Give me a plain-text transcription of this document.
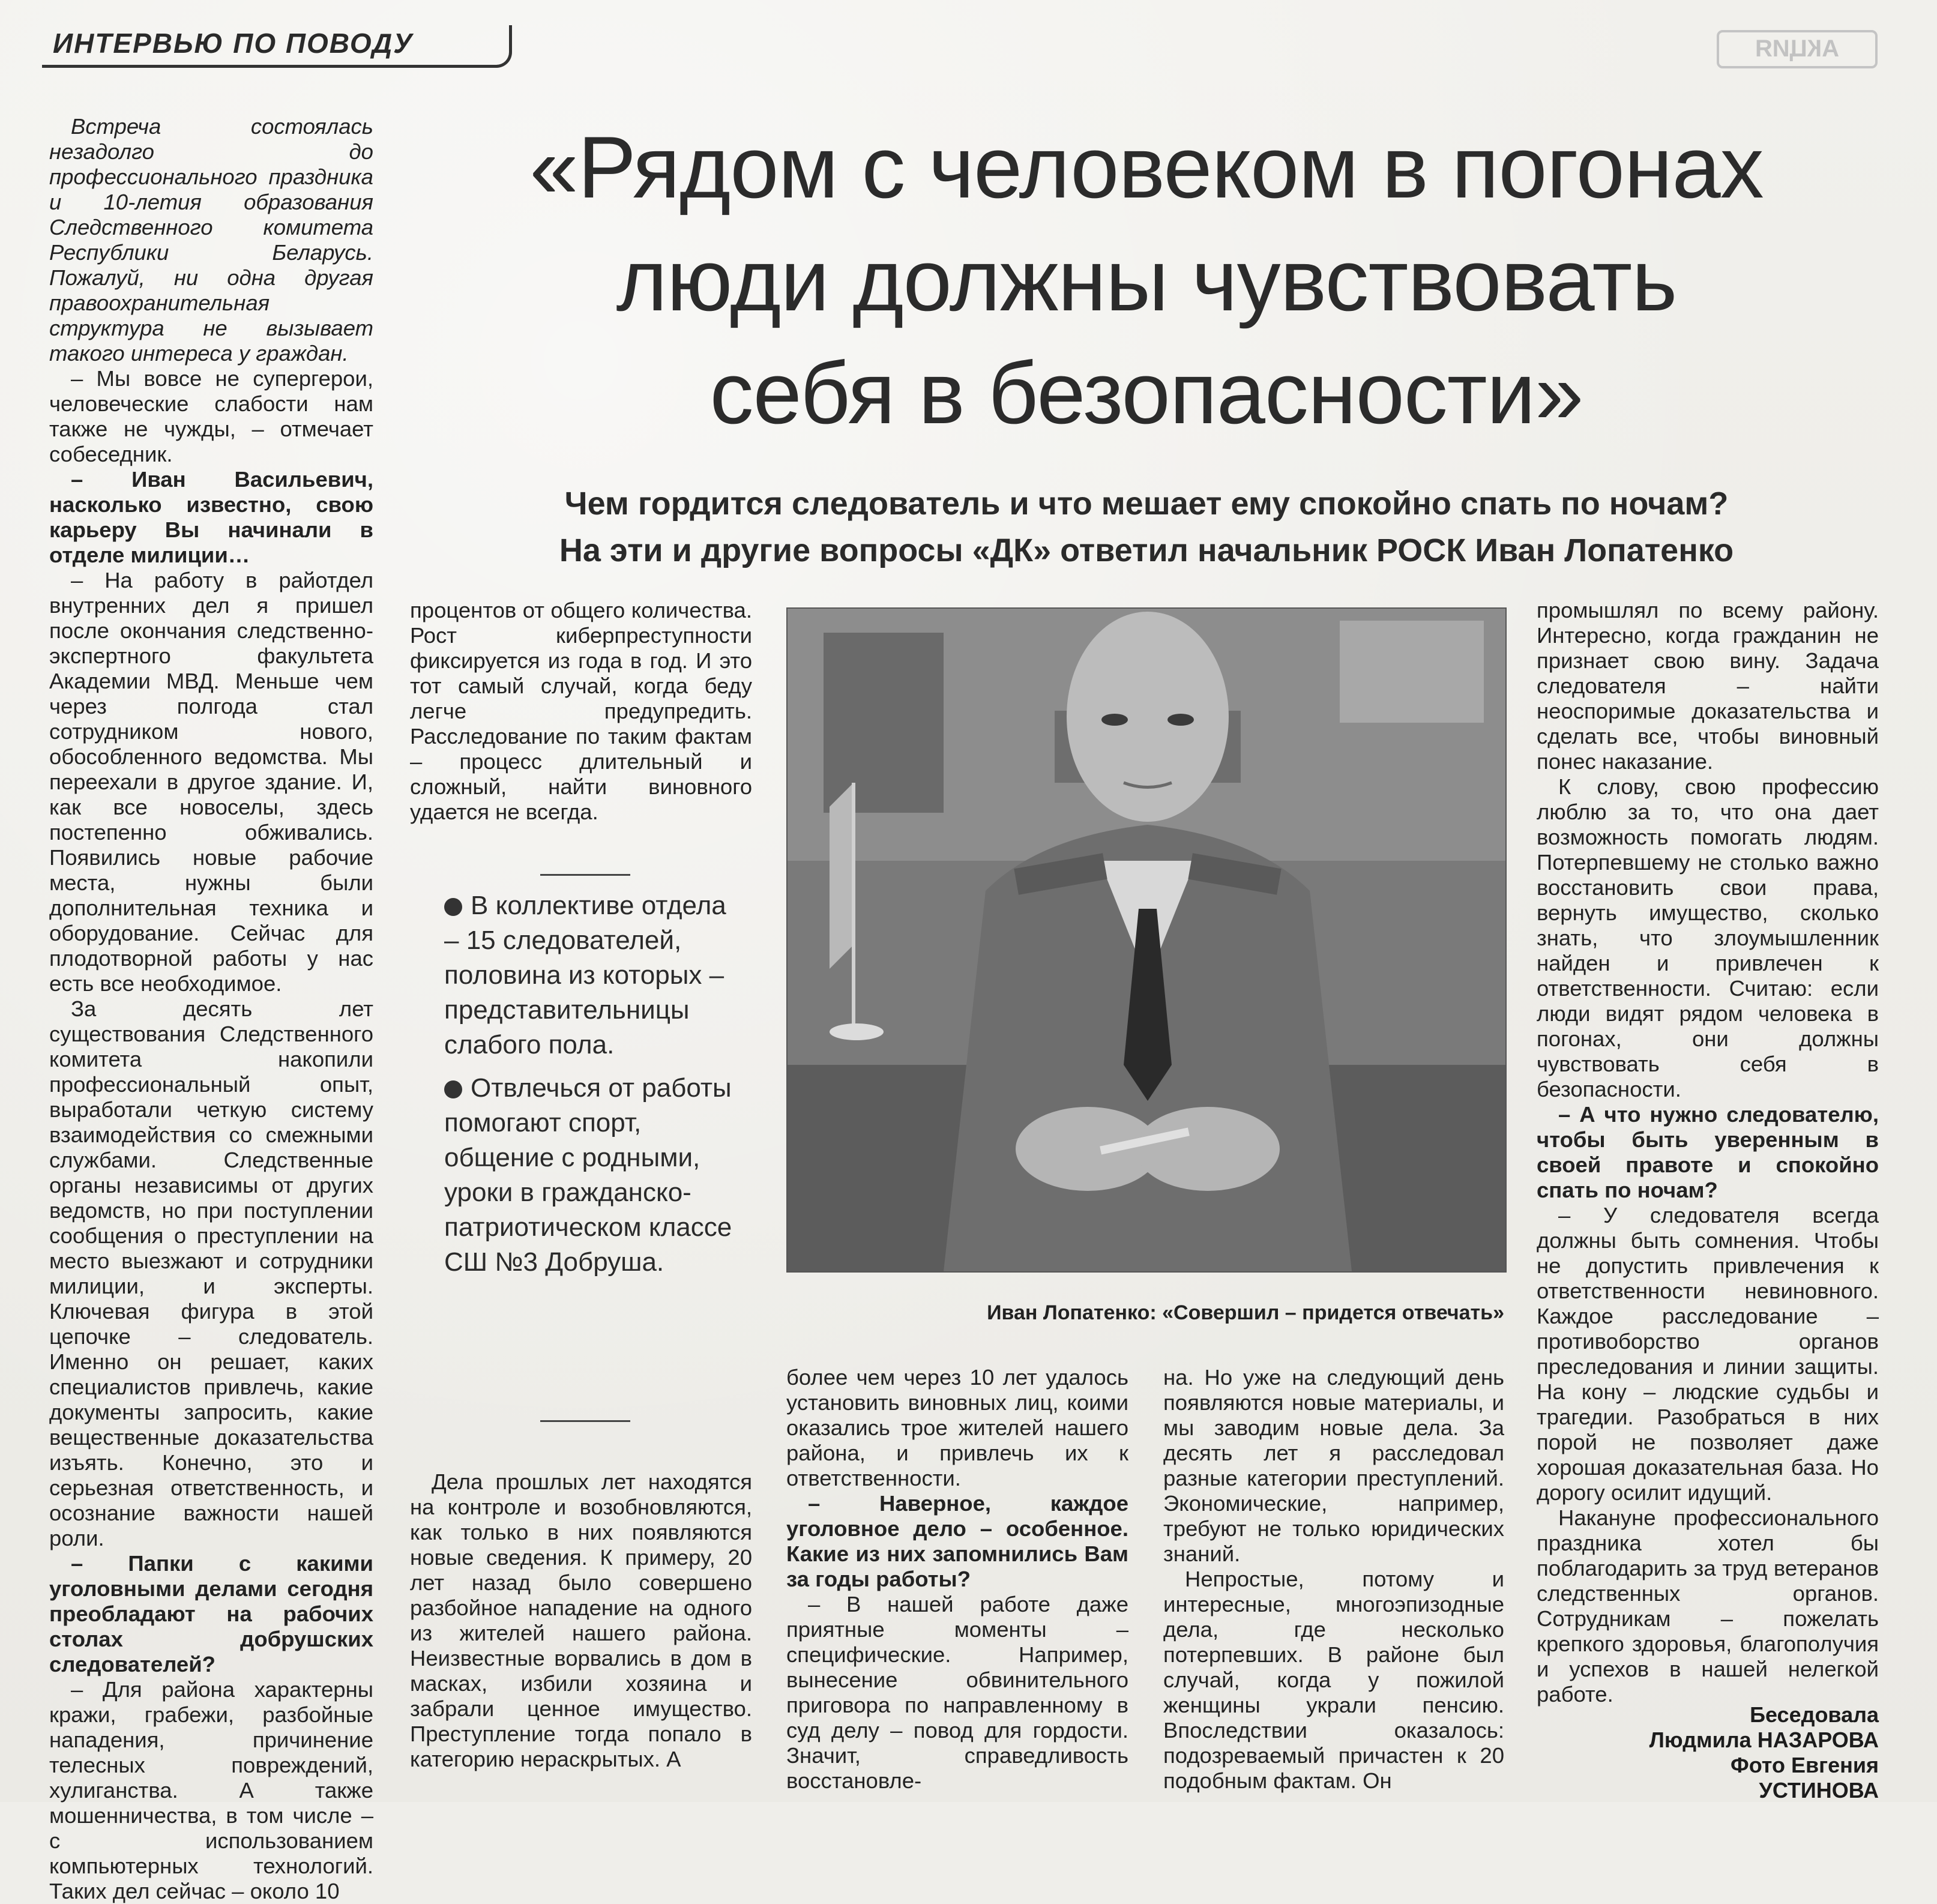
ИНТЕРВЬЮ ПО ПОВОДУ	АКЦИЯ
«Рядом с человеком в погонах
люди должны чувствовать
себя в безопасности»
Чем гордится следователь и что мешает ему спокойно спать по ночам?
На эти и другие вопросы «ДК» ответил начальник РОСК Иван Лопатенко

Встреча состоялась незадолго до профессионального праздника и 10-летия образования Следственного комитета Республики Беларусь. Пожалуй, ни одна другая правоохранительная структура не вызывает такого интереса у граждан.

– Мы вовсе не супергерои, человеческие слабости нам также не чужды, – отмечает собеседник.

– Иван Васильевич, насколько известно, свою карьеру Вы начинали в отделе милиции…

– На работу в райотдел внутренних дел я пришел после окончания следственно-экспертного факультета Академии МВД. Меньше чем через полгода стал сотрудником нового, обособленного ведомства. Мы переехали в другое здание. И, как все новоселы, здесь постепенно обживались. Появились новые рабочие места, нужны были дополнительная техника и оборудование. Сейчас для плодотворной работы у нас есть все необходимое.

За десять лет существования Следственного комитета накопили профессиональный опыт, выработали четкую систему взаимодействия со смежными службами. Следственные органы независимы от других ведомств, но при поступлении сообщения о преступлении на место выезжают и сотрудники милиции, и эксперты. Ключевая фигура в этой цепочке – следователь. Именно он решает, каких специалистов привлечь, какие документы запросить, какие вещественные доказательства изъять. Конечно, это и серьезная ответственность, и осознание важности нашей роли.

– Папки с какими уголовными делами сегодня преобладают на рабочих столах добрушских следователей?

– Для района характерны кражи, грабежи, разбойные нападения, причинение телесных повреждений, хулиганства. А также мошенничества, в том числе – с использованием компьютерных технологий. Таких дел сейчас – около 10

процентов от общего количества. Рост киберпреступности фиксируется из года в год. И это тот самый случай, когда беду легче предупредить. Расследование по таким фактам – процесс длительный и сложный, найти виновного удается не всегда.

В коллективе отдела – 15 следователей, половина из которых – представительницы слабого пола.

Отвлечься от работы помогают спорт, общение с родными, уроки в гражданско-патриотическом классе СШ №3 Добруша.

Дела прошлых лет находятся на контроле и возобновляются, как только в них появляются новые сведения. К примеру, 20 лет назад было совершено разбойное нападение на одного из жителей нашего района. Неизвестные ворвались в дом в масках, избили хозяина и забрали ценное имущество. Преступление тогда попало в категорию нераскрытых. А

Иван Лопатенко: «Совершил – придется отвечать»

более чем через 10 лет удалось установить виновных лиц, коими оказались трое жителей нашего района, и привлечь их к ответственности.

– Наверное, каждое уголовное дело – особенное. Какие из них запомнились Вам за годы работы?

– В нашей работе даже приятные моменты – специфические. Например, вынесение обвинительного приговора по направленному в суд делу – повод для гордости. Значит, справедливость восстановле-

на. Но уже на следующий день появляются новые материалы, и мы заводим новые дела. За десять лет я расследовал разные категории преступлений. Экономические, например, требуют не только юридических знаний.

Непростые, потому и интересные, многоэпизодные дела, где несколько потерпевших. В районе был случай, когда у пожилой женщины украли пенсию. Впоследствии оказалось: подозреваемый причастен к 20 подобным фактам. Он

промышлял по всему району. Интересно, когда гражданин не признает свою вину. Задача следователя – найти неоспоримые доказательства и сделать все, чтобы виновный понес наказание.

К слову, свою профессию люблю за то, что она дает возможность помогать людям. Потерпевшему не столько важно восстановить свои права, вернуть имущество, сколько знать, что злоумышленник найден и привлечен к ответственности. Считаю: если люди видят рядом человека в погонах, они должны чувствовать себя в безопасности.

– А что нужно следователю, чтобы быть уверенным в своей правоте и спокойно спать по ночам?

– У следователя всегда должны быть сомнения. Чтобы не допустить привлечения к ответственности невиновного. Каждое расследование – противоборство органов преследования и линии защиты. На кону – людские судьбы и трагедии. Разобраться в них порой не позволяет даже хорошая доказательная база. Но дорогу осилит идущий.

Накануне профессионального праздника хотел бы поблагодарить за труд ветеранов следственных органов. Сотрудникам – пожелать крепкого здоровья, благополучия и успехов в нашей нелегкой работе.

Беседовала
Людмила НАЗАРОВА
Фото Евгения УСТИНОВА
